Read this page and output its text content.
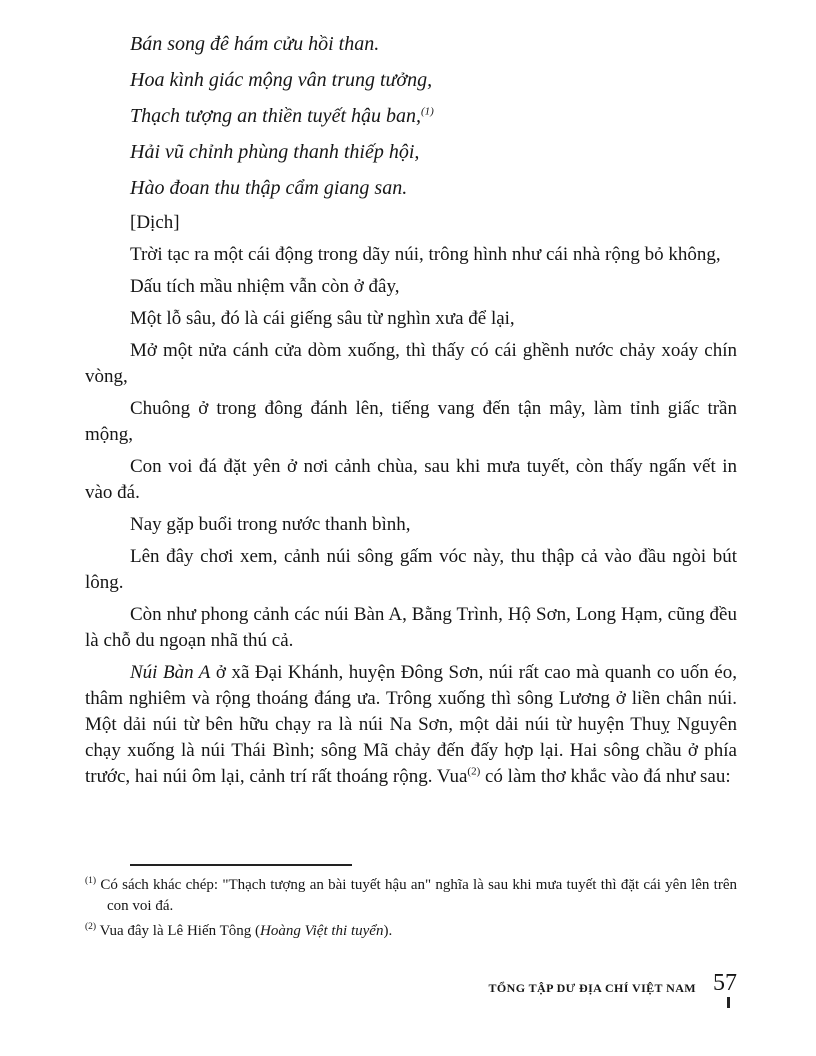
Bán song đê hám cửu hồi than.

Hoa kình giác mộng vân trung tưởng,

Thạch tượng an thiền tuyết hậu ban,$^{(1)}$

Hải vũ chỉnh phùng thanh thiếp hội,

Hào đoan thu thập cẩm giang san.

[Dịch]

Trời tạc ra một cái động trong dãy núi, trông hình như cái nhà rộng bỏ không,

Dấu tích mầu nhiệm vẫn còn ở đây,

Một lỗ sâu, đó là cái giếng sâu từ nghìn xưa để lại,

Mở một nửa cánh cửa dòm xuống, thì thấy có cái ghềnh nước chảy xoáy chín vòng,

Chuông ở trong đông đánh lên, tiếng vang đến tận mây, làm tỉnh giấc trần mộng,

Con voi đá đặt yên ở nơi cảnh chùa, sau khi mưa tuyết, còn thấy ngấn vết in vào đá.

Nay gặp buổi trong nước thanh bình,

Lên đây chơi xem, cảnh núi sông gấm vóc này, thu thập cả vào đầu ngòi bút lông.

Còn như phong cảnh các núi Bàn A, Bằng Trình, Hộ Sơn, Long Hạm, cũng đều là chỗ du ngoạn nhã thú cả.

Núi Bàn A ở xã Đại Khánh, huyện Đông Sơn, núi rất cao mà quanh co uốn éo, thâm nghiêm và rộng thoáng đáng ưa. Trông xuống thì sông Lương ở liền chân núi. Một dải núi từ bên hữu chạy ra là núi Na Sơn, một dải núi từ huyện Thuỵ Nguyên chạy xuống là núi Thái Bình; sông Mã chảy đến đấy hợp lại. Hai sông chầu ở phía trước, hai núi ôm lại, cảnh trí rất thoáng rộng. Vua$^{(2)}$ có làm thơ khắc vào đá như sau:

$^{(1)}$ Có sách khác chép: "Thạch tượng an bài tuyết hậu an" nghĩa là sau khi mưa tuyết thì đặt cái yên lên trên con voi đá.

$^{(2)}$ Vua đây là Lê Hiến Tông (Hoàng Việt thi tuyển).

TỔNG TẬP DƯ ĐỊA CHÍ VIỆT NAM 57
